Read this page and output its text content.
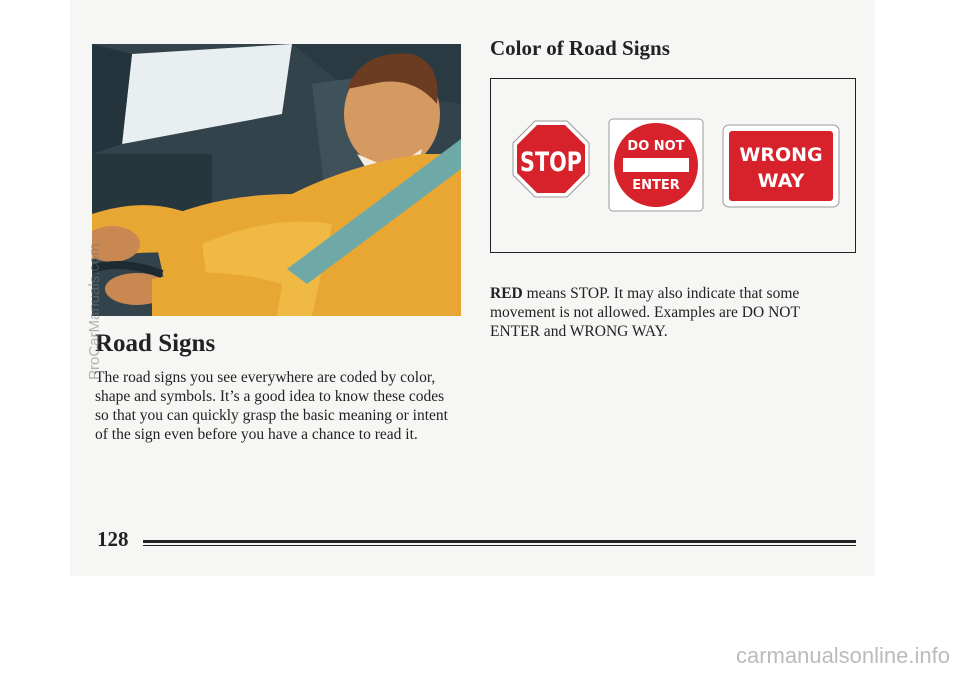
Road Signs

The road signs you see everywhere are coded by color, shape and symbols. It’s a good idea to know these codes so that you can quickly grasp the basic meaning or intent of the sign even before you have a chance to read it.

Color of Road Signs
STOP
DO NOT
ENTER
WRONG
WAY

RED means STOP. It may also indicate that some movement is not allowed. Examples are DO NOT ENTER and WRONG WAY.

128

ProCarManuals.com
carmanualsonline.info
